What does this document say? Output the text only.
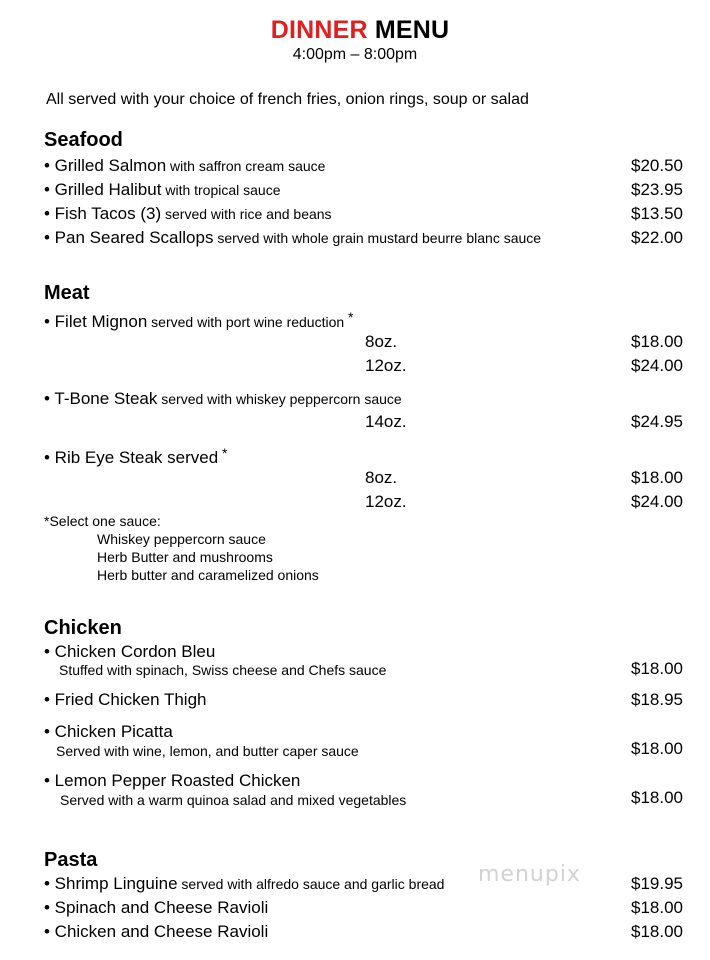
DINNER MENU
4:00pm – 8:00pm
All served with your choice of french fries, onion rings, soup or salad
Seafood
• Grilled Salmon with saffron cream sauce	$20.50
• Grilled Halibut with tropical sauce	$23.95
• Fish Tacos (3) served with rice and beans	$13.50
• Pan Seared Scallops served with whole grain mustard beurre blanc sauce	$22.00
Meat
• Filet Mignon served with port wine reduction *
8oz.	$18.00
12oz.	$24.00
• T-Bone Steak served with whiskey peppercorn sauce
14oz.	$24.95
• Rib Eye Steak served *
8oz.	$18.00
12oz.	$24.00
*Select one sauce:
Whiskey peppercorn sauce
Herb Butter and mushrooms
Herb butter and caramelized onions
Chicken
• Chicken Cordon Bleu
Stuffed with spinach, Swiss cheese and Chefs sauce	$18.00
• Fried Chicken Thigh	$18.95
• Chicken Picatta
Served with wine, lemon, and butter caper sauce	$18.00
• Lemon Pepper Roasted Chicken
Served with a warm quinoa salad and mixed vegetables	$18.00
Pasta
• Shrimp Linguine served with alfredo sauce and garlic bread	$19.95
• Spinach and Cheese Ravioli	$18.00
• Chicken and Cheese Ravioli	$18.00
menupix
